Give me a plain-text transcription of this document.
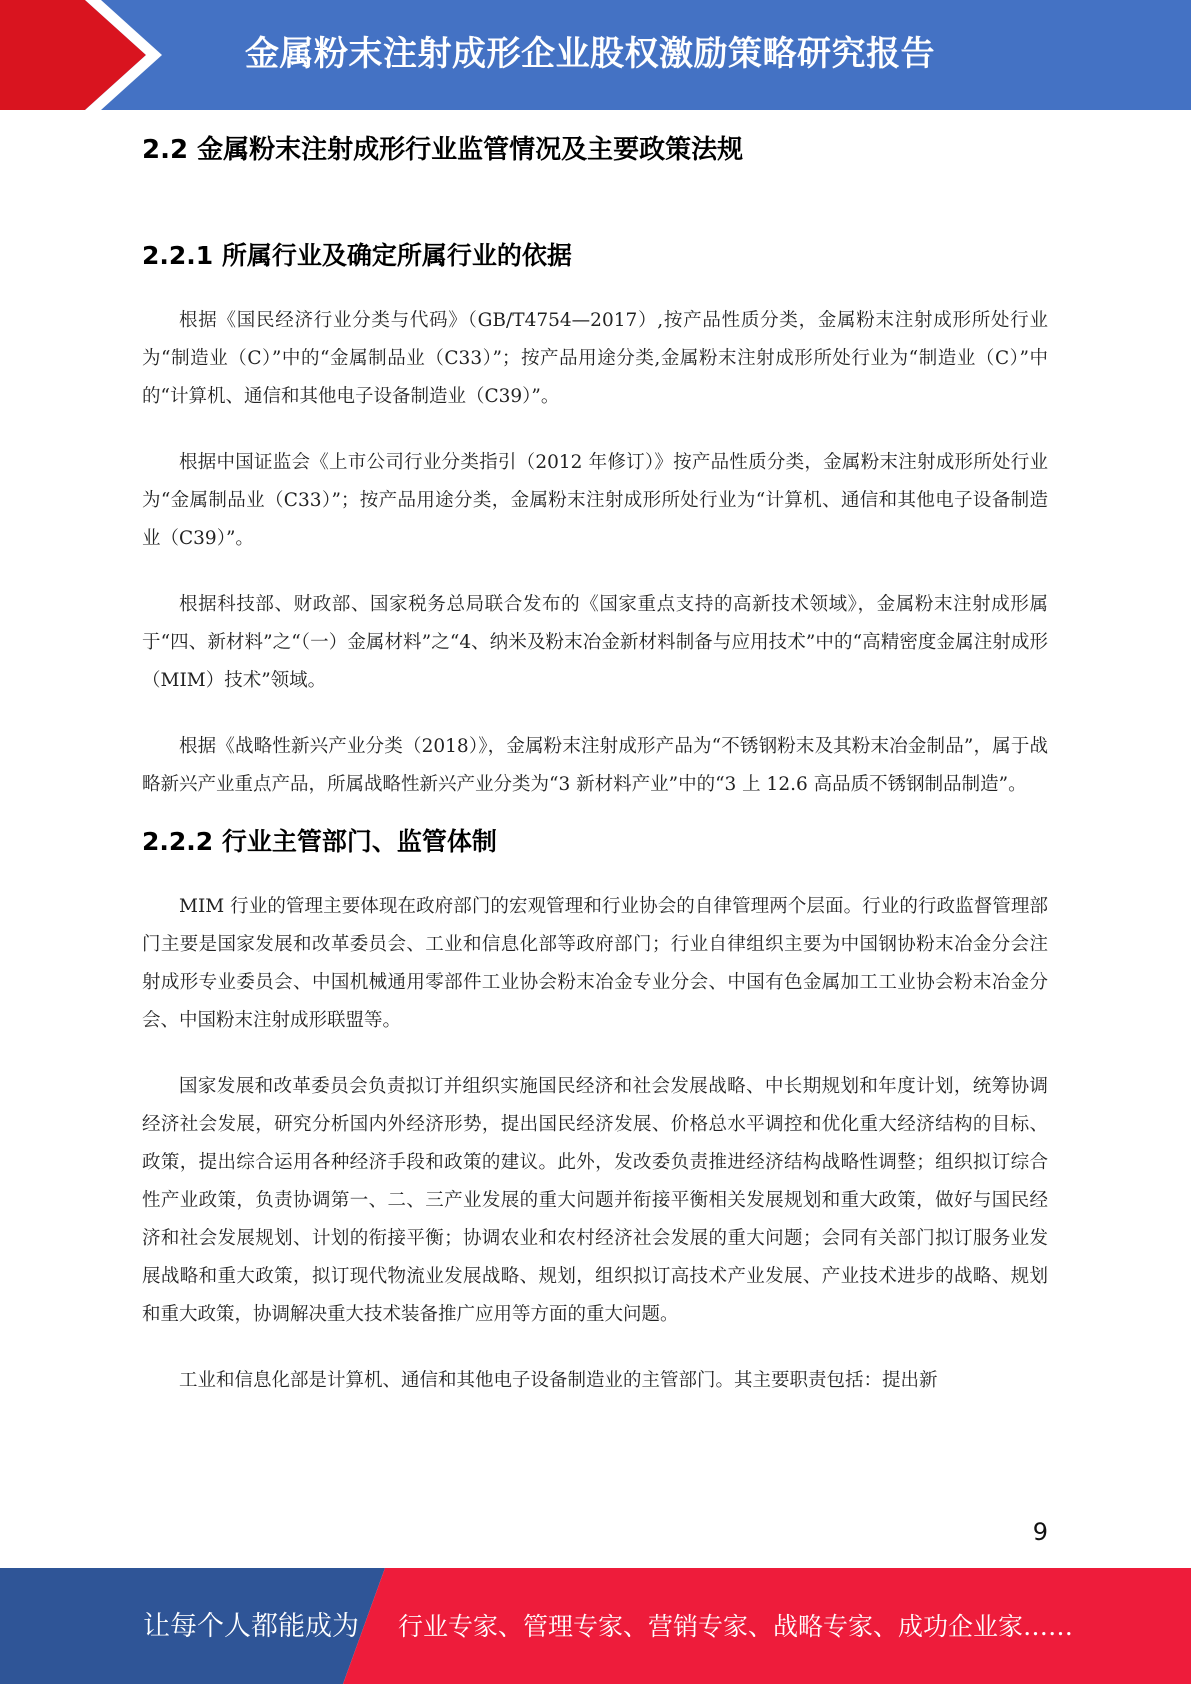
金属粉末注射成形企业股权激励策略研究报告
2.2 金属粉末注射成形行业监管情况及主要政策法规
2.2.1 所属行业及确定所属行业的依据

根据《国民经济行业分类与代码》（GB/T4754—2017）,按产品性质分类，金属粉末注射成形所处行业为“制造业（C）”中的“金属制品业（C33）”；按产品用途分类,金属粉末注射成形所处行业为“制造业（C）”中的“计算机、通信和其他电子设备制造业（C39）”。

根据中国证监会《上市公司行业分类指引（2012 年修订）》按产品性质分类，金属粉末注射成形所处行业为“金属制品业（C33）”；按产品用途分类，金属粉末注射成形所处行业为“计算机、通信和其他电子设备制造业（C39）”。

根据科技部、财政部、国家税务总局联合发布的《国家重点支持的高新技术领域》，金属粉末注射成形属于“四、新材料”之“（一）金属材料”之“4、纳米及粉末冶金新材料制备与应用技术”中的“高精密度金属注射成形（MIM）技术”领域。

根据《战略性新兴产业分类（2018）》，金属粉末注射成形产品为“不锈钢粉末及其粉末冶金制品”，属于战略新兴产业重点产品，所属战略性新兴产业分类为“3 新材料产业”中的“3 上 12.6 高品质不锈钢制品制造”。

2.2.2 行业主管部门、监管体制

MIM 行业的管理主要体现在政府部门的宏观管理和行业协会的自律管理两个层面。行业的行政监督管理部门主要是国家发展和改革委员会、工业和信息化部等政府部门；行业自律组织主要为中国钢协粉末冶金分会注射成形专业委员会、中国机械通用零部件工业协会粉末冶金专业分会、中国有色金属加工工业协会粉末冶金分会、中国粉末注射成形联盟等。

国家发展和改革委员会负责拟订并组织实施国民经济和社会发展战略、中长期规划和年度计划，统筹协调经济社会发展，研究分析国内外经济形势，提出国民经济发展、价格总水平调控和优化重大经济结构的目标、政策，提出综合运用各种经济手段和政策的建议。此外，发改委负责推进经济结构战略性调整；组织拟订综合性产业政策，负责协调第一、二、三产业发展的重大问题并衔接平衡相关发展规划和重大政策，做好与国民经济和社会发展规划、计划的衔接平衡；协调农业和农村经济社会发展的重大问题；会同有关部门拟订服务业发展战略和重大政策，拟订现代物流业发展战略、规划，组织拟订高技术产业发展、产业技术进步的战略、规划和重大政策，协调解决重大技术装备推广应用等方面的重大问题。

工业和信息化部是计算机、通信和其他电子设备制造业的主管部门。其主要职责包括：提出新

9
让每个人都能成为 行业专家、管理专家、营销专家、战略专家、成功企业家……
